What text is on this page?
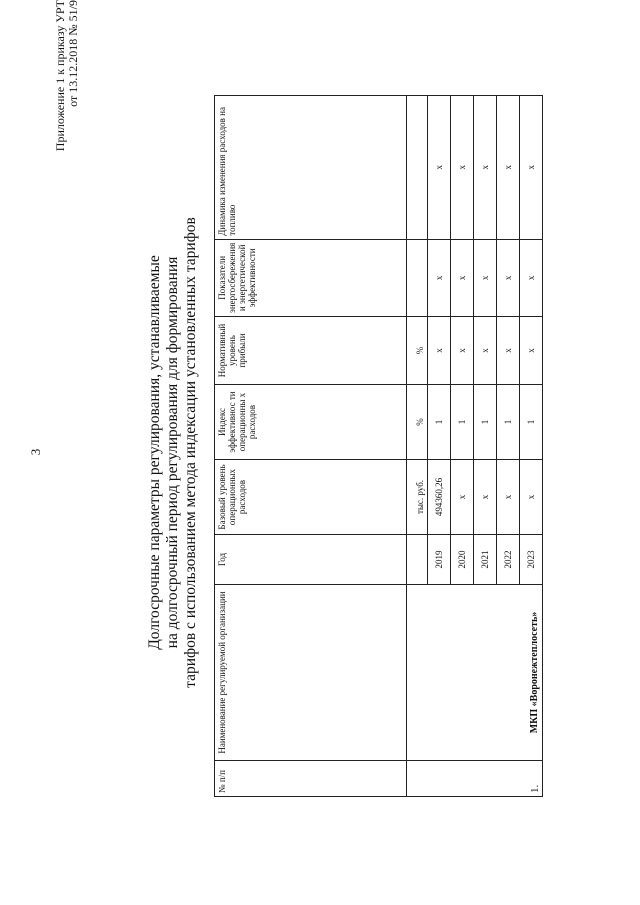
3
Приложение 1 к приказу УРТ от 13.12.2018 № 51/9
Долгосрочные параметры регулирования, устанавливаемые на долгосрочный период регулирования для формирования тарифов с использованием метода индексации установленных тарифов
№ п/п	Наименование регулируемой организации	Год	Базовый уровень операционных расходов	Индекс эффективнос ти операционны х расходов	Нормативный уровень прибыли	Показатели энергосбережения и энергетической эффективности	Динамика изменения расходов на топливо
1.	МКП «Воронежтеплосеть»		тыс. руб.	%	%		
		2019	494360,26	1	x	x	x
		2020	x	1	x	x	x
		2021	x	1	x	x	x
		2022	x	1	x	x	x
		2023	x	1	x	x	x
